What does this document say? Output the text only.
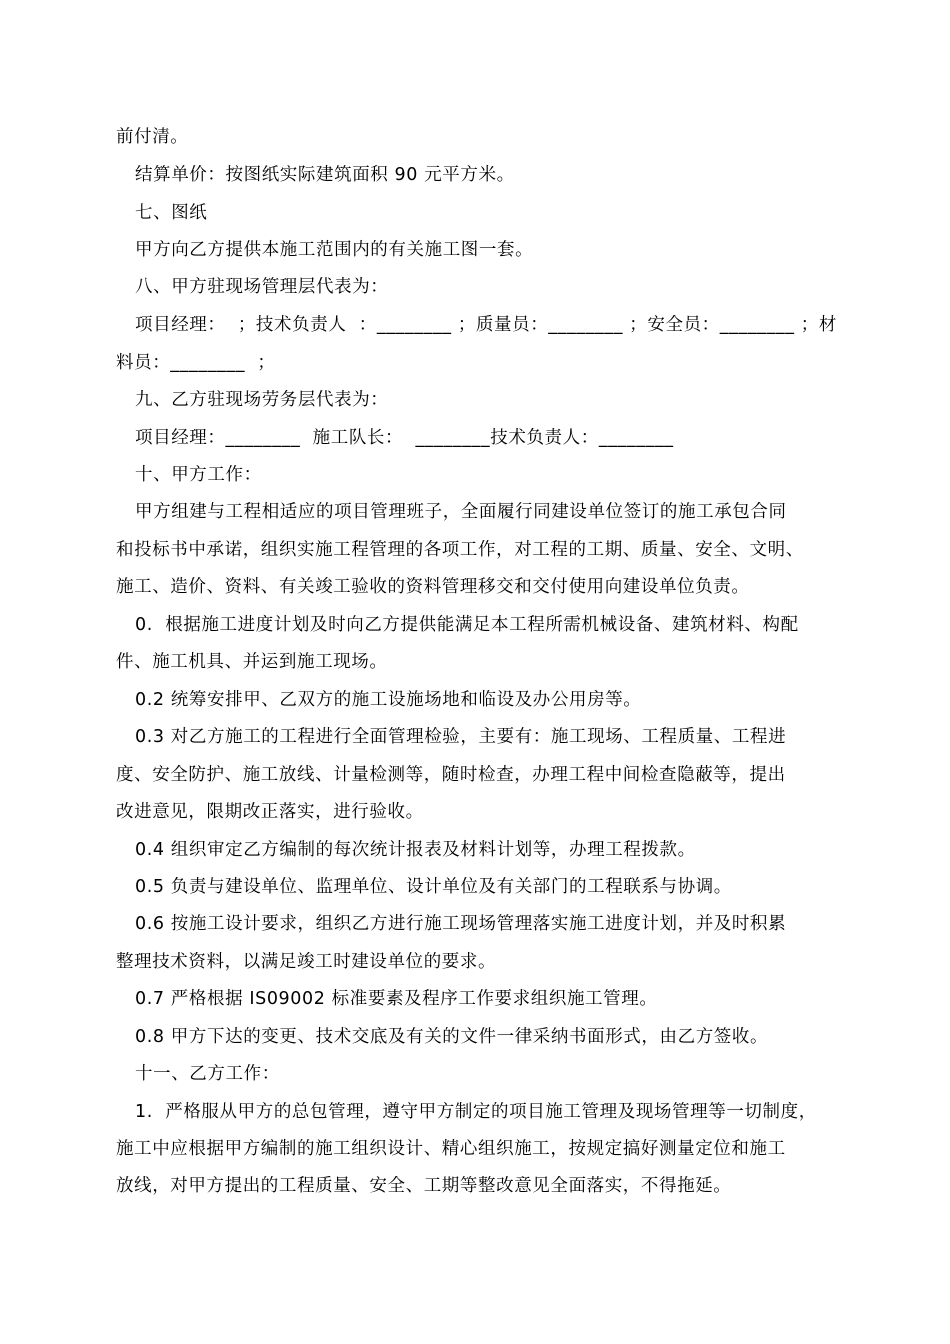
前付清。
结算单价：按图纸实际建筑面积 90 元平方米。
七、图纸
甲方向乙方提供本施工范围内的有关施工图一套。
八、甲方驻现场管理层代表为：
项目经理：  ；技术负责人  ：________ ；质量员：________ ；安全员：________ ；材
料员：________  ；
九、乙方驻现场劳务层代表为：
项目经理：________  施工队长：  ________技术负责人：________
十、甲方工作：
甲方组建与工程相适应的项目管理班子，全面履行同建设单位签订的施工承包合同
和投标书中承诺，组织实施工程管理的各项工作，对工程的工期、质量、安全、文明、
施工、造价、资料、有关竣工验收的资料管理移交和交付使用向建设单位负责。
0.  根据施工进度计划及时向乙方提供能满足本工程所需机械设备、建筑材料、构配
件、施工机具、并运到施工现场。
0.2 统筹安排甲、乙双方的施工设施场地和临设及办公用房等。
0.3 对乙方施工的工程进行全面管理检验，主要有：施工现场、工程质量、工程进
度、安全防护、施工放线、计量检测等，随时检查，办理工程中间检查隐蔽等，提出
改进意见，限期改正落实，进行验收。
0.4 组织审定乙方编制的每次统计报表及材料计划等，办理工程拨款。
0.5 负责与建设单位、监理单位、设计单位及有关部门的工程联系与协调。
0.6 按施工设计要求，组织乙方进行施工现场管理落实施工进度计划，并及时积累
整理技术资料，以满足竣工时建设单位的要求。
0.7 严格根据 IS09002 标准要素及程序工作要求组织施工管理。
0.8 甲方下达的变更、技术交底及有关的文件一律采纳书面形式，由乙方签收。
十一、乙方工作：
1.  严格服从甲方的总包管理，遵守甲方制定的项目施工管理及现场管理等一切制度，
施工中应根据甲方编制的施工组织设计、精心组织施工，按规定搞好测量定位和施工
放线，对甲方提出的工程质量、安全、工期等整改意见全面落实，不得拖延。
